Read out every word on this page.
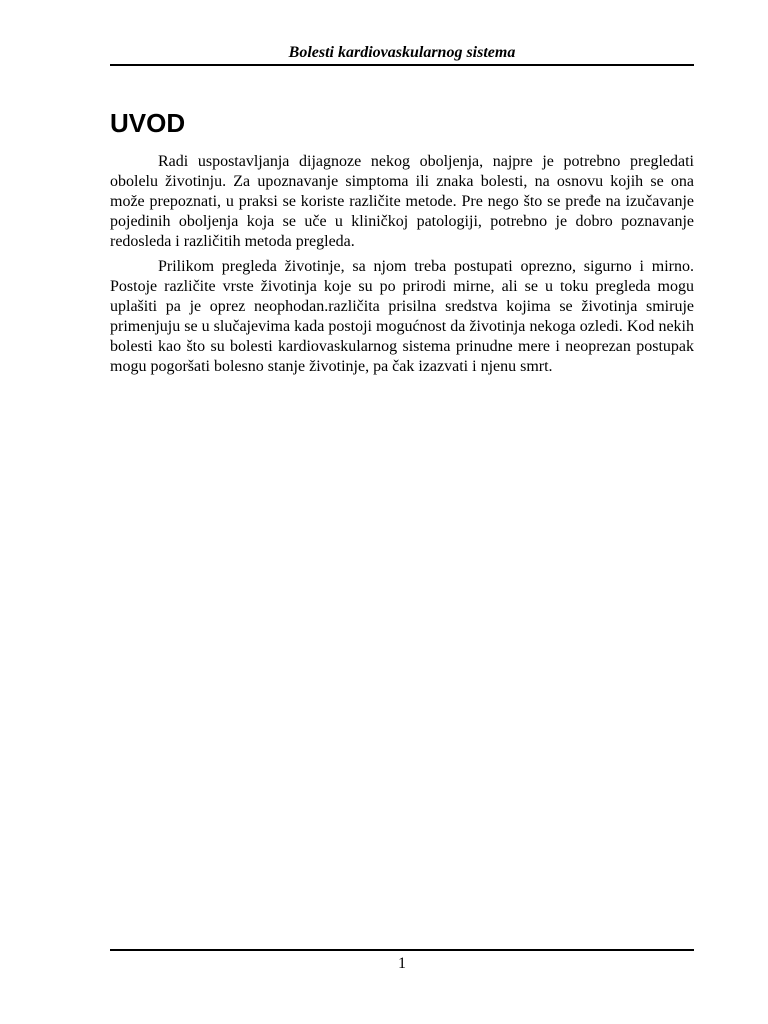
Bolesti kardiovaskularnog sistema
UVOD

Radi uspostavljanja dijagnoze nekog oboljenja, najpre je potrebno pregledati obolelu životinju. Za upoznavanje simptoma ili znaka bolesti, na osnovu kojih se ona može prepoznati, u praksi se koriste različite metode. Pre nego što se pređe na izučavanje pojedinih oboljenja koja se uče u kliničkoj patologiji, potrebno je dobro poznavanje redosleda i različitih metoda pregleda.

Prilikom pregleda životinje, sa njom treba postupati oprezno, sigurno i mirno. Postoje različite vrste životinja koje su po prirodi mirne, ali se u toku pregleda mogu uplašiti pa je oprez neophodan.različita prisilna sredstva kojima se životinja smiruje primenjuju se u slučajevima kada postoji mogućnost da životinja nekoga ozledi. Kod nekih bolesti kao što su bolesti kardiovaskularnog sistema prinudne mere i neoprezan postupak mogu pogoršati bolesno stanje životinje, pa čak izazvati i njenu smrt.

1
